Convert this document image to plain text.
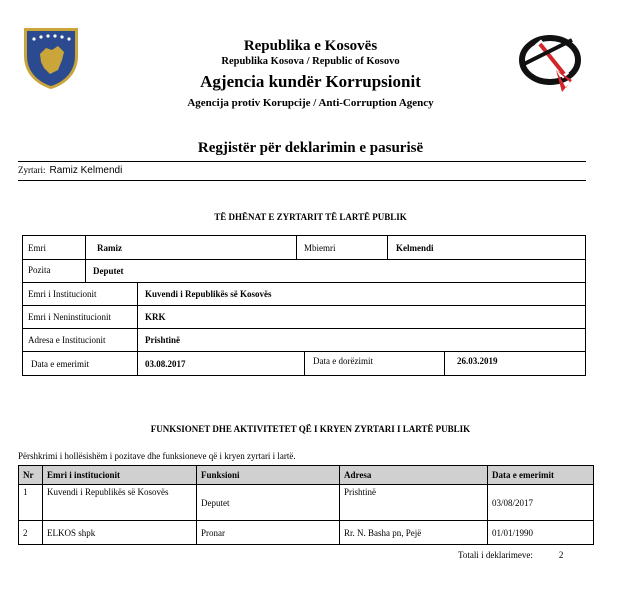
Republika e Kosovës
Republika Kosova / Republic of Kosovo
Agjencia kundër Korrupsionit
Agencija protiv Korupcije / Anti-Corruption Agency
Regjistër për deklarimin e pasurisë
Zyrtari: Ramiz Kelmendi
TË DHËNAT E ZYRTARIT TË LARTË PUBLIK
Emri	Ramiz	Mbiemri	Kelmendi
Pozita	Deputet
Emri i Institucionit	Kuvendi i Republikës së Kosovës
Emri i Neninstitucionit	KRK
Adresa e Institucionit	Prishtinë
Data e emerimit	03.08.2017	Data e dorëzimit	26.03.2019
FUNKSIONET DHE AKTIVITETET QË I KRYEN ZYRTARI I LARTË PUBLIK
Përshkrimi i hollësishëm i pozitave dhe funksioneve që i kryen zyrtari i lartë.
Nr	Emri i institucionit	Funksioni	Adresa	Data e emerimit
1	Kuvendi i Republikës së Kosovës	Deputet	Prishtinë	03/08/2017
2	ELKOS shpk	Pronar	Rr. N. Basha pn, Pejë	01/01/1990
Totali i deklarimeve:	2
